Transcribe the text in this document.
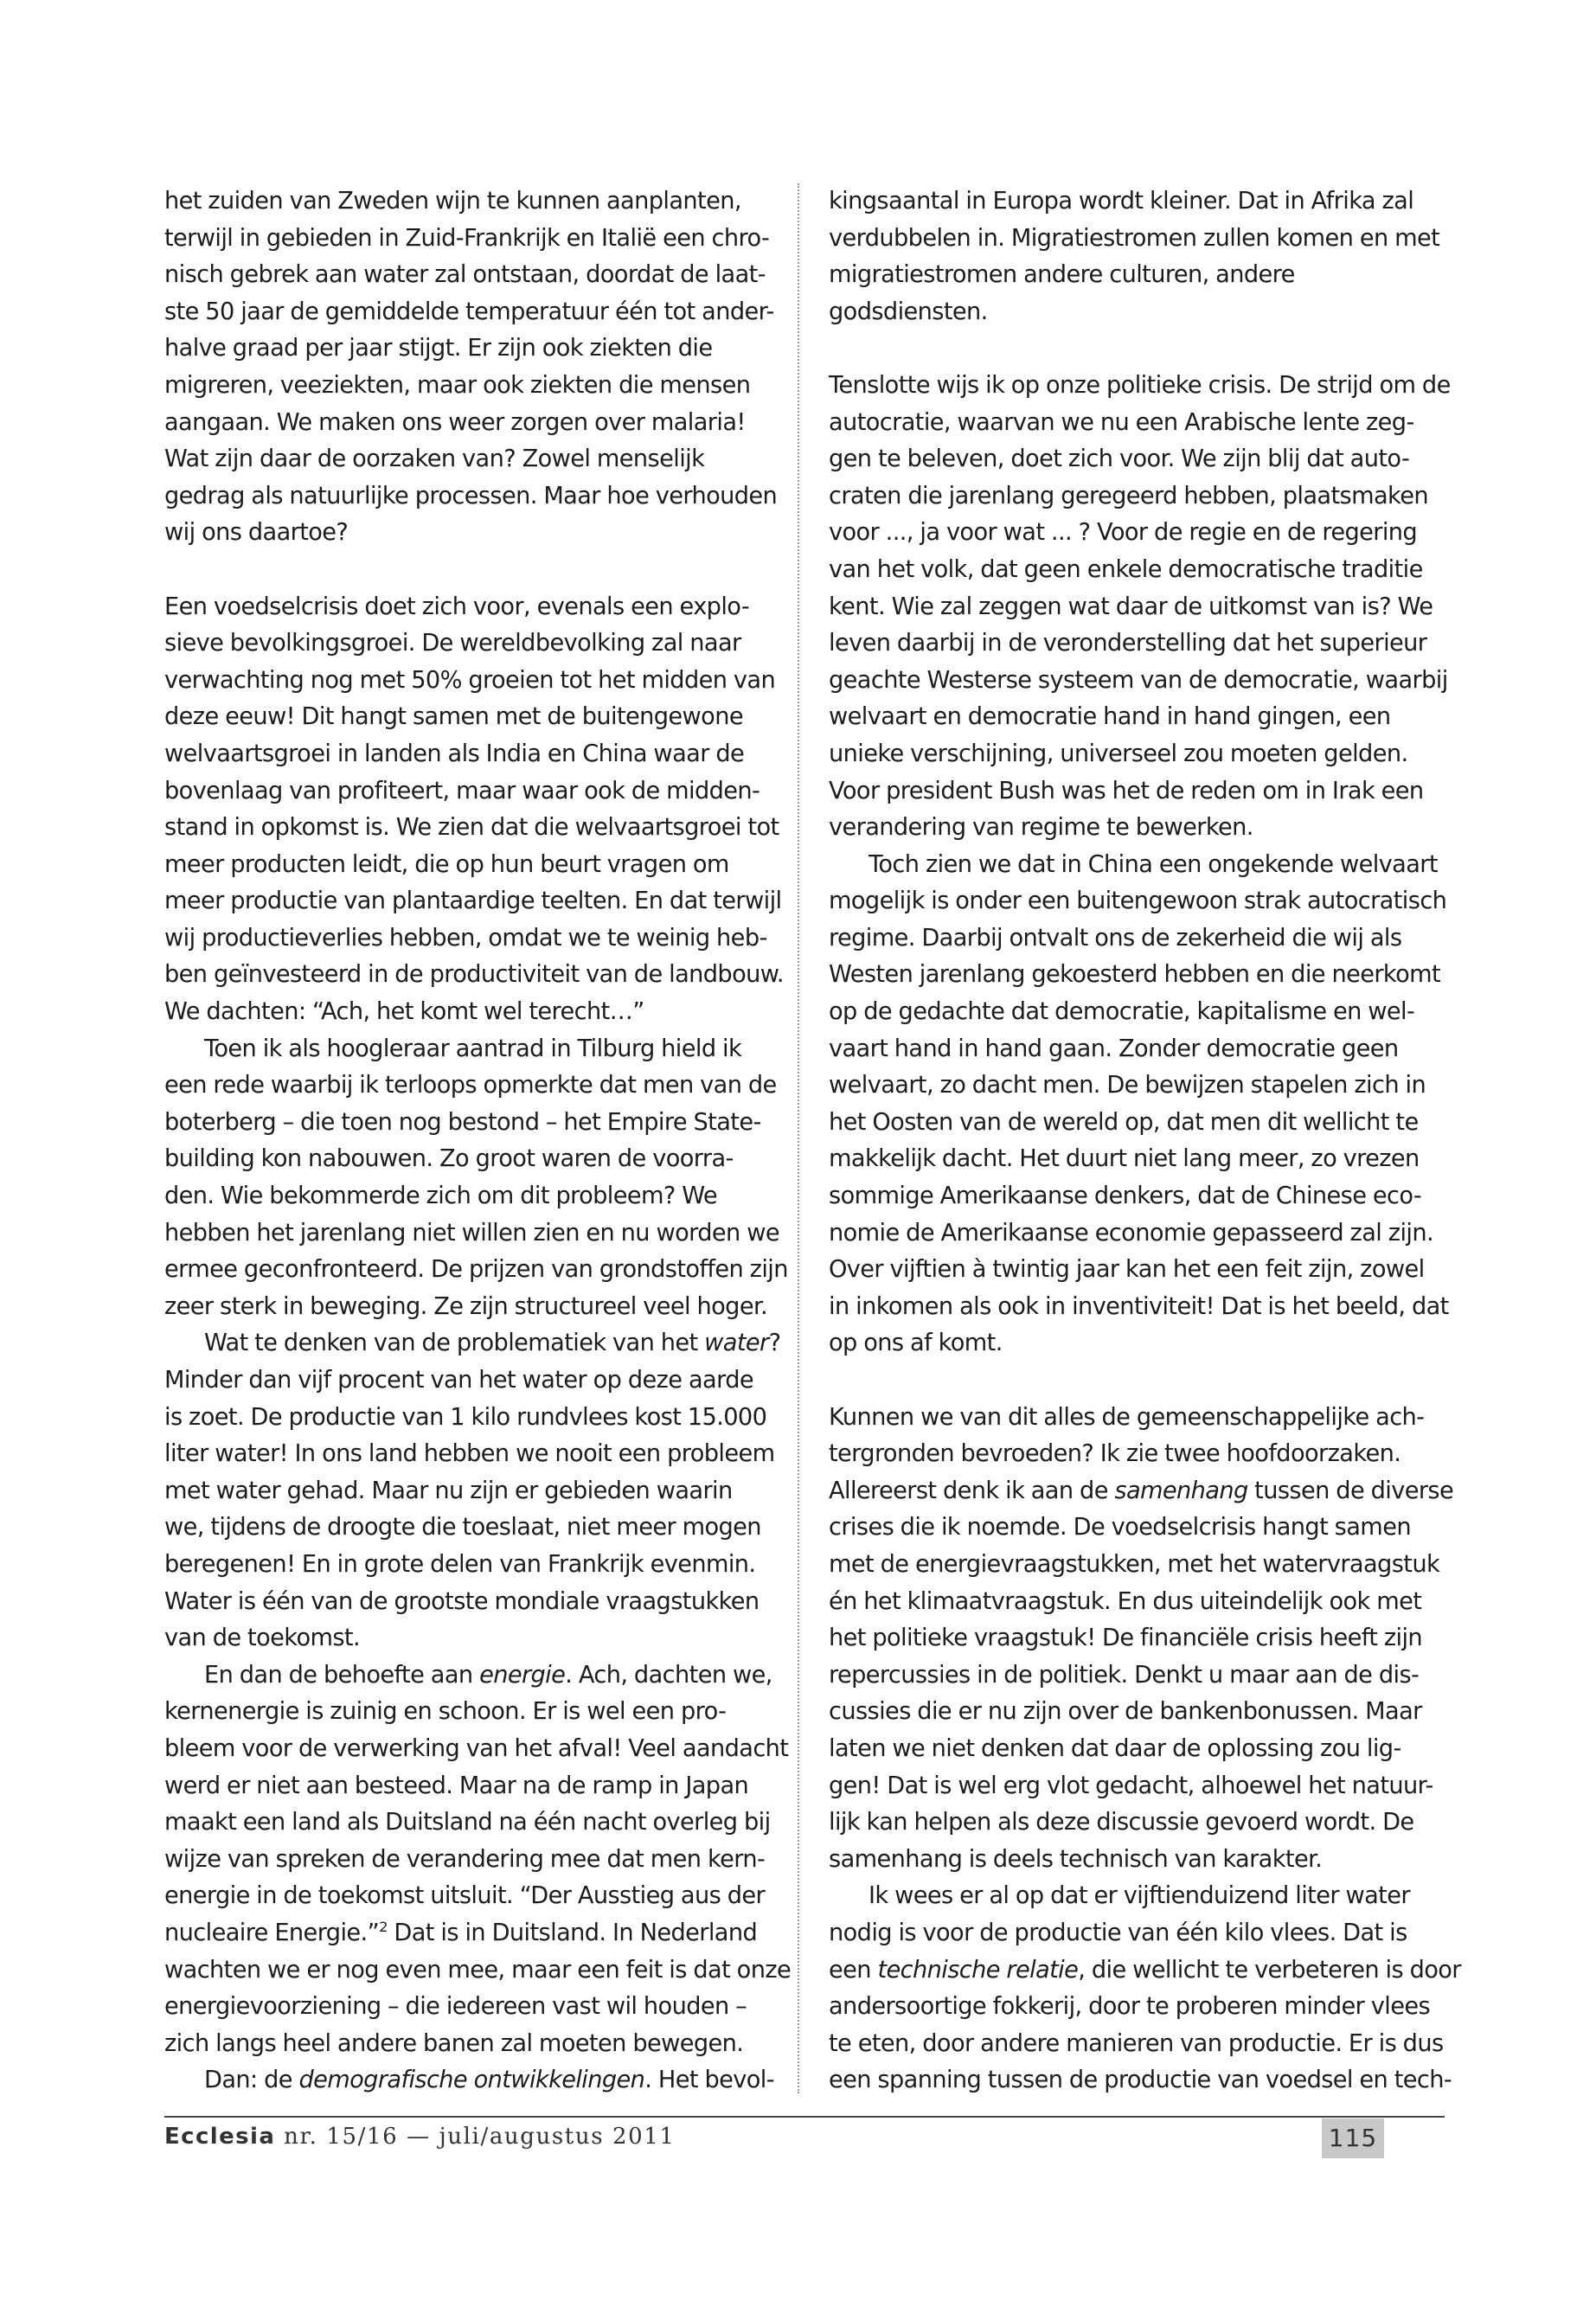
het zuiden van Zweden wijn te kunnen aanplanten,
terwijl in gebieden in Zuid-Frankrijk en Italië een chro-
nisch gebrek aan water zal ontstaan, doordat de laat-
ste 50 jaar de gemiddelde temperatuur één tot ander-
halve graad per jaar stijgt. Er zijn ook ziekten die
migreren, veeziekten, maar ook ziekten die mensen
aangaan. We maken ons weer zorgen over malaria!
Wat zijn daar de oorzaken van? Zowel menselijk
gedrag als natuurlijke processen. Maar hoe verhouden
wij ons daartoe?

Een voedselcrisis doet zich voor, evenals een explo-
sieve bevolkingsgroei. De wereldbevolking zal naar
verwachting nog met 50% groeien tot het midden van
deze eeuw! Dit hangt samen met de buitengewone
welvaartsgroei in landen als India en China waar de
bovenlaag van profiteert, maar waar ook de midden-
stand in opkomst is. We zien dat die welvaartsgroei tot
meer producten leidt, die op hun beurt vragen om
meer productie van plantaardige teelten. En dat terwijl
wij productieverlies hebben, omdat we te weinig heb-
ben geïnvesteerd in de productiviteit van de landbouw.
We dachten: “Ach, het komt wel terecht…”

Toen ik als hoogleraar aantrad in Tilburg hield ik
een rede waarbij ik terloops opmerkte dat men van de
boterberg – die toen nog bestond – het Empire State-
building kon nabouwen. Zo groot waren de voorra-
den. Wie bekommerde zich om dit probleem? We
hebben het jarenlang niet willen zien en nu worden we
ermee geconfronteerd. De prijzen van grondstoffen zijn
zeer sterk in beweging. Ze zijn structureel veel hoger.

Wat te denken van de problematiek van het water?
Minder dan vijf procent van het water op deze aarde
is zoet. De productie van 1 kilo rundvlees kost 15.000
liter water! In ons land hebben we nooit een probleem
met water gehad. Maar nu zijn er gebieden waarin
we, tijdens de droogte die toeslaat, niet meer mogen
beregenen! En in grote delen van Frankrijk evenmin.
Water is één van de grootste mondiale vraagstukken
van de toekomst.

En dan de behoefte aan energie. Ach, dachten we,
kernenergie is zuinig en schoon. Er is wel een pro-
bleem voor de verwerking van het afval! Veel aandacht
werd er niet aan besteed. Maar na de ramp in Japan
maakt een land als Duitsland na één nacht overleg bij
wijze van spreken de verandering mee dat men kern-
energie in de toekomst uitsluit. “Der Ausstieg aus der
nucleaire Energie.”$^2$ Dat is in Duitsland. In Nederland
wachten we er nog even mee, maar een feit is dat onze
energievoorziening – die iedereen vast wil houden –
zich langs heel andere banen zal moeten bewegen.

Dan: de demografische ontwikkelingen. Het bevol-

kingsaantal in Europa wordt kleiner. Dat in Afrika zal
verdubbelen in. Migratiestromen zullen komen en met
migratiestromen andere culturen, andere
godsdiensten.

Tenslotte wijs ik op onze politieke crisis. De strijd om de
autocratie, waarvan we nu een Arabische lente zeg-
gen te beleven, doet zich voor. We zijn blij dat auto-
craten die jarenlang geregeerd hebben, plaatsmaken
voor ..., ja voor wat ... ? Voor de regie en de regering
van het volk, dat geen enkele democratische traditie
kent. Wie zal zeggen wat daar de uitkomst van is? We
leven daarbij in de veronderstelling dat het superieur
geachte Westerse systeem van de democratie, waarbij
welvaart en democratie hand in hand gingen, een
unieke verschijning, universeel zou moeten gelden.
Voor president Bush was het de reden om in Irak een
verandering van regime te bewerken.

Toch zien we dat in China een ongekende welvaart
mogelijk is onder een buitengewoon strak autocratisch
regime. Daarbij ontvalt ons de zekerheid die wij als
Westen jarenlang gekoesterd hebben en die neerkomt
op de gedachte dat democratie, kapitalisme en wel-
vaart hand in hand gaan. Zonder democratie geen
welvaart, zo dacht men. De bewijzen stapelen zich in
het Oosten van de wereld op, dat men dit wellicht te
makkelijk dacht. Het duurt niet lang meer, zo vrezen
sommige Amerikaanse denkers, dat de Chinese eco-
nomie de Amerikaanse economie gepasseerd zal zijn.
Over vijftien à twintig jaar kan het een feit zijn, zowel
in inkomen als ook in inventiviteit! Dat is het beeld, dat
op ons af komt.

Kunnen we van dit alles de gemeenschappelijke ach-
tergronden bevroeden? Ik zie twee hoofdoorzaken.
Allereerst denk ik aan de samenhang tussen de diverse
crises die ik noemde. De voedselcrisis hangt samen
met de energievraagstukken, met het watervraagstuk
én het klimaatvraagstuk. En dus uiteindelijk ook met
het politieke vraagstuk! De financiële crisis heeft zijn
repercussies in de politiek. Denkt u maar aan de dis-
cussies die er nu zijn over de bankenbonussen. Maar
laten we niet denken dat daar de oplossing zou lig-
gen! Dat is wel erg vlot gedacht, alhoewel het natuur-
lijk kan helpen als deze discussie gevoerd wordt. De
samenhang is deels technisch van karakter.

Ik wees er al op dat er vijftienduizend liter water
nodig is voor de productie van één kilo vlees. Dat is
een technische relatie, die wellicht te verbeteren is door
andersoortige fokkerij, door te proberen minder vlees
te eten, door andere manieren van productie. Er is dus
een spanning tussen de productie van voedsel en tech-

Ecclesia nr. 15/16 — juli/augustus 2011	115
